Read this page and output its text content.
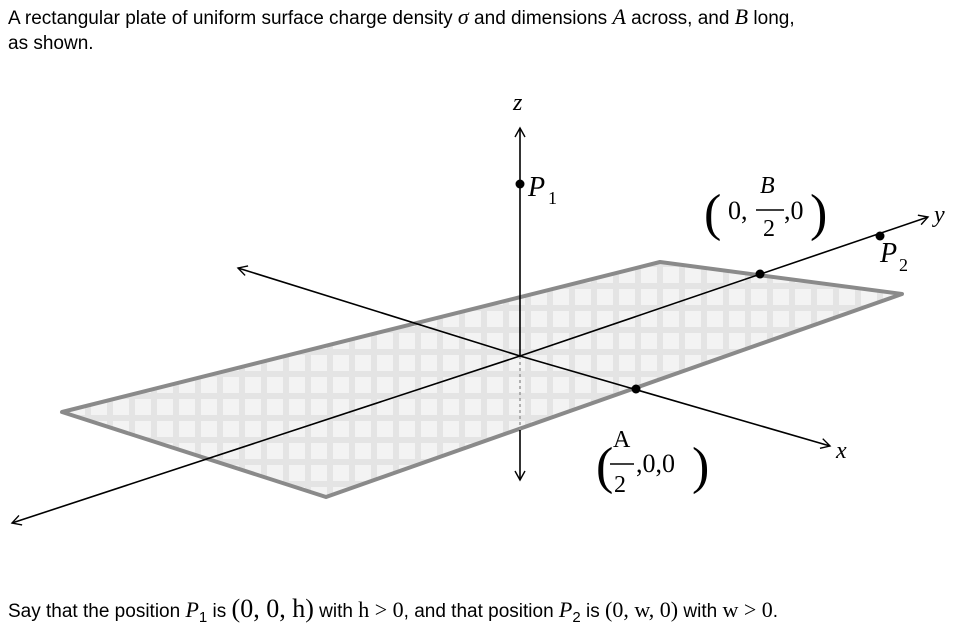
A rectangular plate of uniform surface charge density σ and dimensions A across, and B long,
as shown.
z
y
x
P 1
P 2
( 0,
B
2
,0 )
( A
2
,0,0 )
Say that the position $P_1$ is (0, 0, h) with h > 0, and that position $P_2$ is (0, w, 0) with w > 0.
